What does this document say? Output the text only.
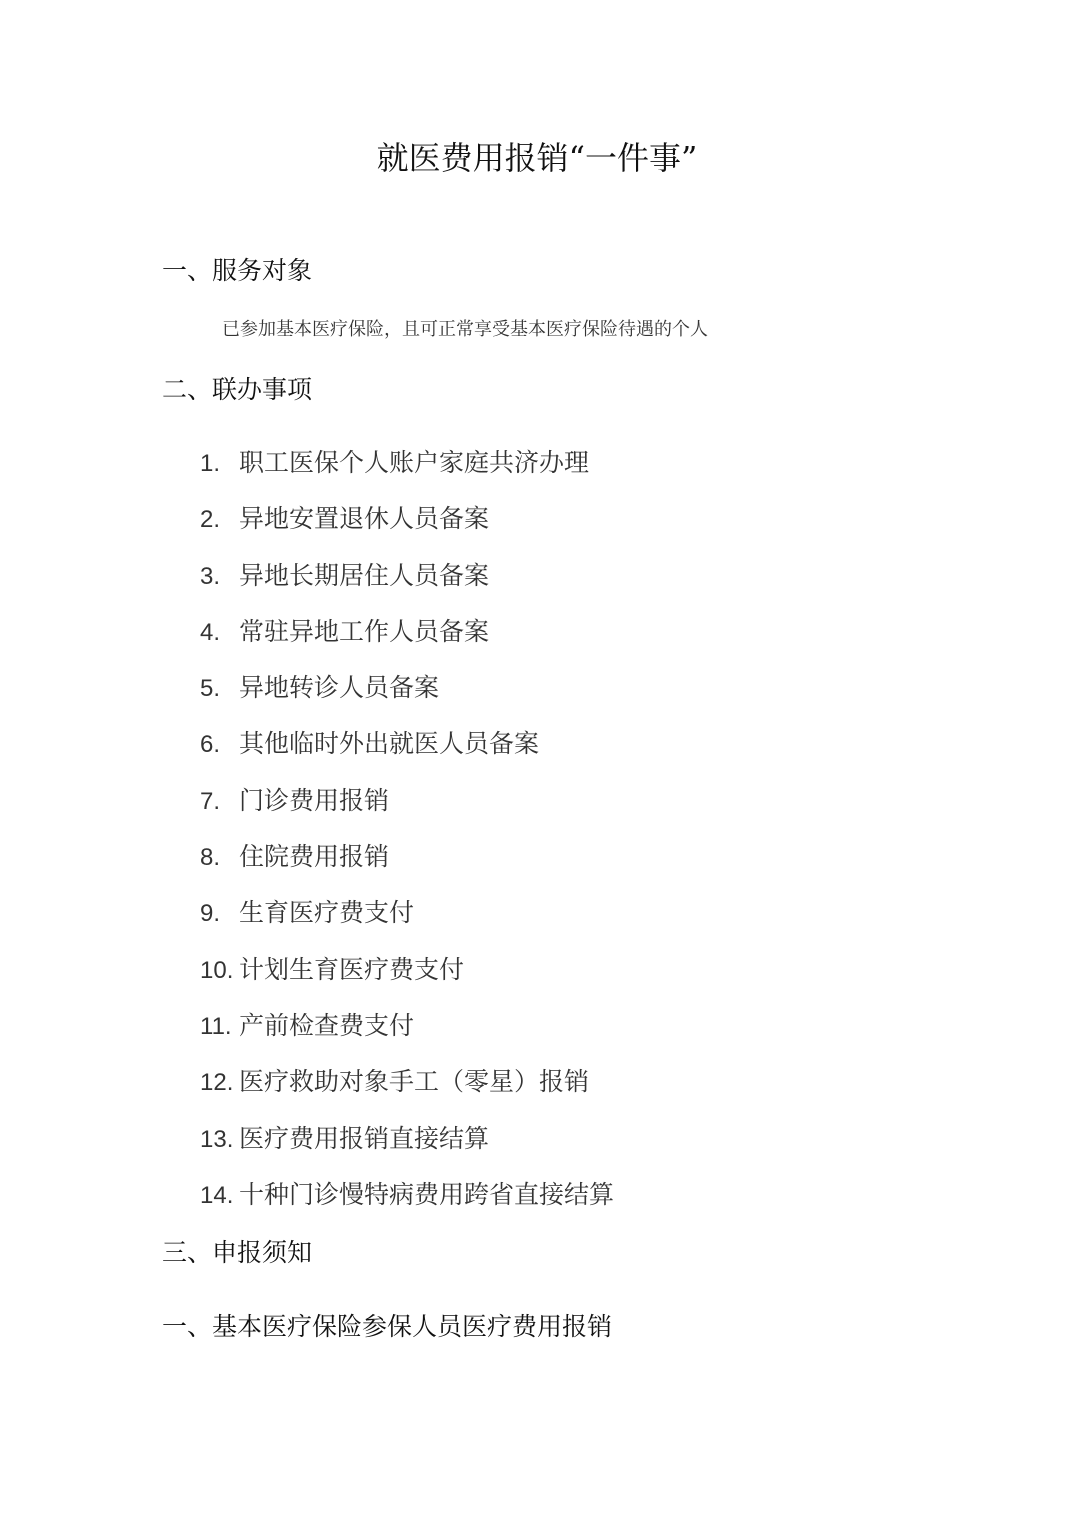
就医费用报销“一件事”
一、服务对象

已参加基本医疗保险，且可正常享受基本医疗保险待遇的个人

二、联办事项
1. 职工医保个人账户家庭共济办理
2. 异地安置退休人员备案
3. 异地长期居住人员备案
4. 常驻异地工作人员备案
5. 异地转诊人员备案
6. 其他临时外出就医人员备案
7. 门诊费用报销
8. 住院费用报销
9. 生育医疗费支付
10. 计划生育医疗费支付
11. 产前检查费支付
12. 医疗救助对象手工（零星）报销
13. 医疗费用报销直接结算
14. 十种门诊慢特病费用跨省直接结算
三、申报须知
一、基本医疗保险参保人员医疗费用报销
